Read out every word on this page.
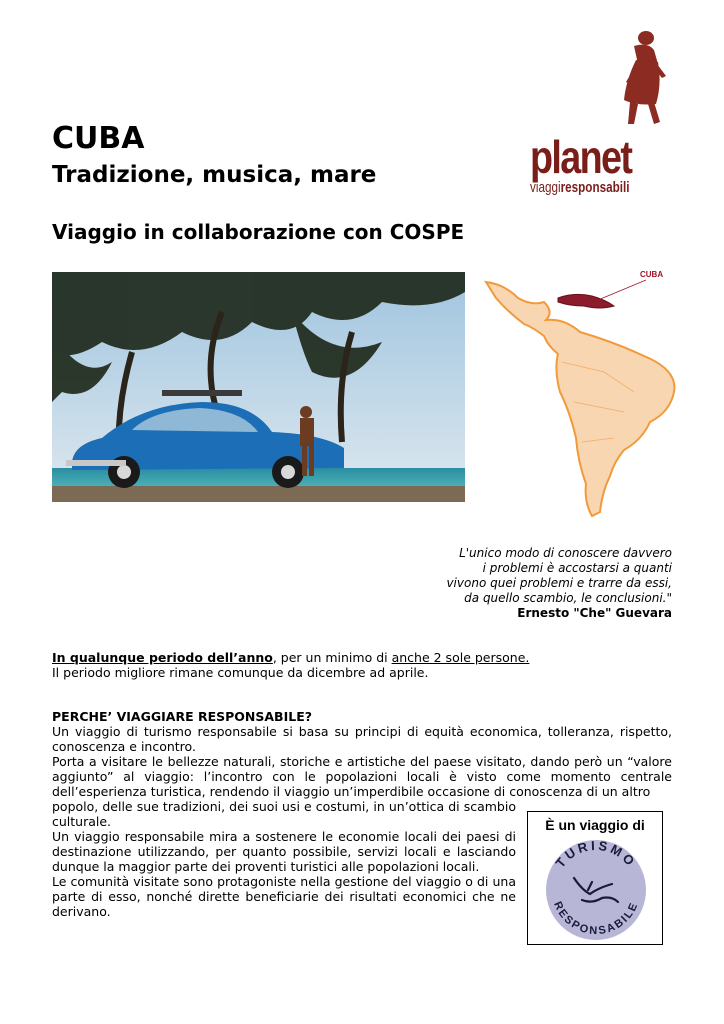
CUBA
Tradizione, musica, mare
Viaggio in collaborazione con COSPE
planet
viaggiresponsabili
CUBA
L'unico modo di conoscere davvero
i problemi è accostarsi a quanti
vivono quei problemi e trarre da essi,
da quello scambio, le conclusioni."
Ernesto "Che" Guevara
In qualunque periodo dell’anno, per un minimo di anche 2 sole persone.
Il periodo migliore rimane comunque da dicembre ad aprile.
PERCHE’ VIAGGIARE RESPONSABILE?
Un viaggio di turismo responsabile si basa su principi di equità economica, tolleranza, rispetto, conoscenza e incontro.
Porta a visitare le bellezze naturali, storiche e artistiche del paese visitato, dando però un “valore aggiunto” al viaggio: l’incontro con le popolazioni locali è visto come momento centrale dell’esperienza turistica, rendendo il viaggio un’imperdibile occasione di conoscenza di un altro
popolo, delle sue tradizioni, dei suoi usi e costumi, in un’ottica di scambio culturale.
Un viaggio responsabile mira a sostenere le economie locali dei paesi di destinazione utilizzando, per quanto possibile, servizi locali e lasciando dunque la maggior parte dei proventi turistici alle popolazioni locali.
Le comunità visitate sono protagoniste nella gestione del viaggio o di una parte di esso, nonché dirette beneficiarie dei risultati economici che ne derivano.
È un viaggio di
TURISMO
RESPONSABILE
